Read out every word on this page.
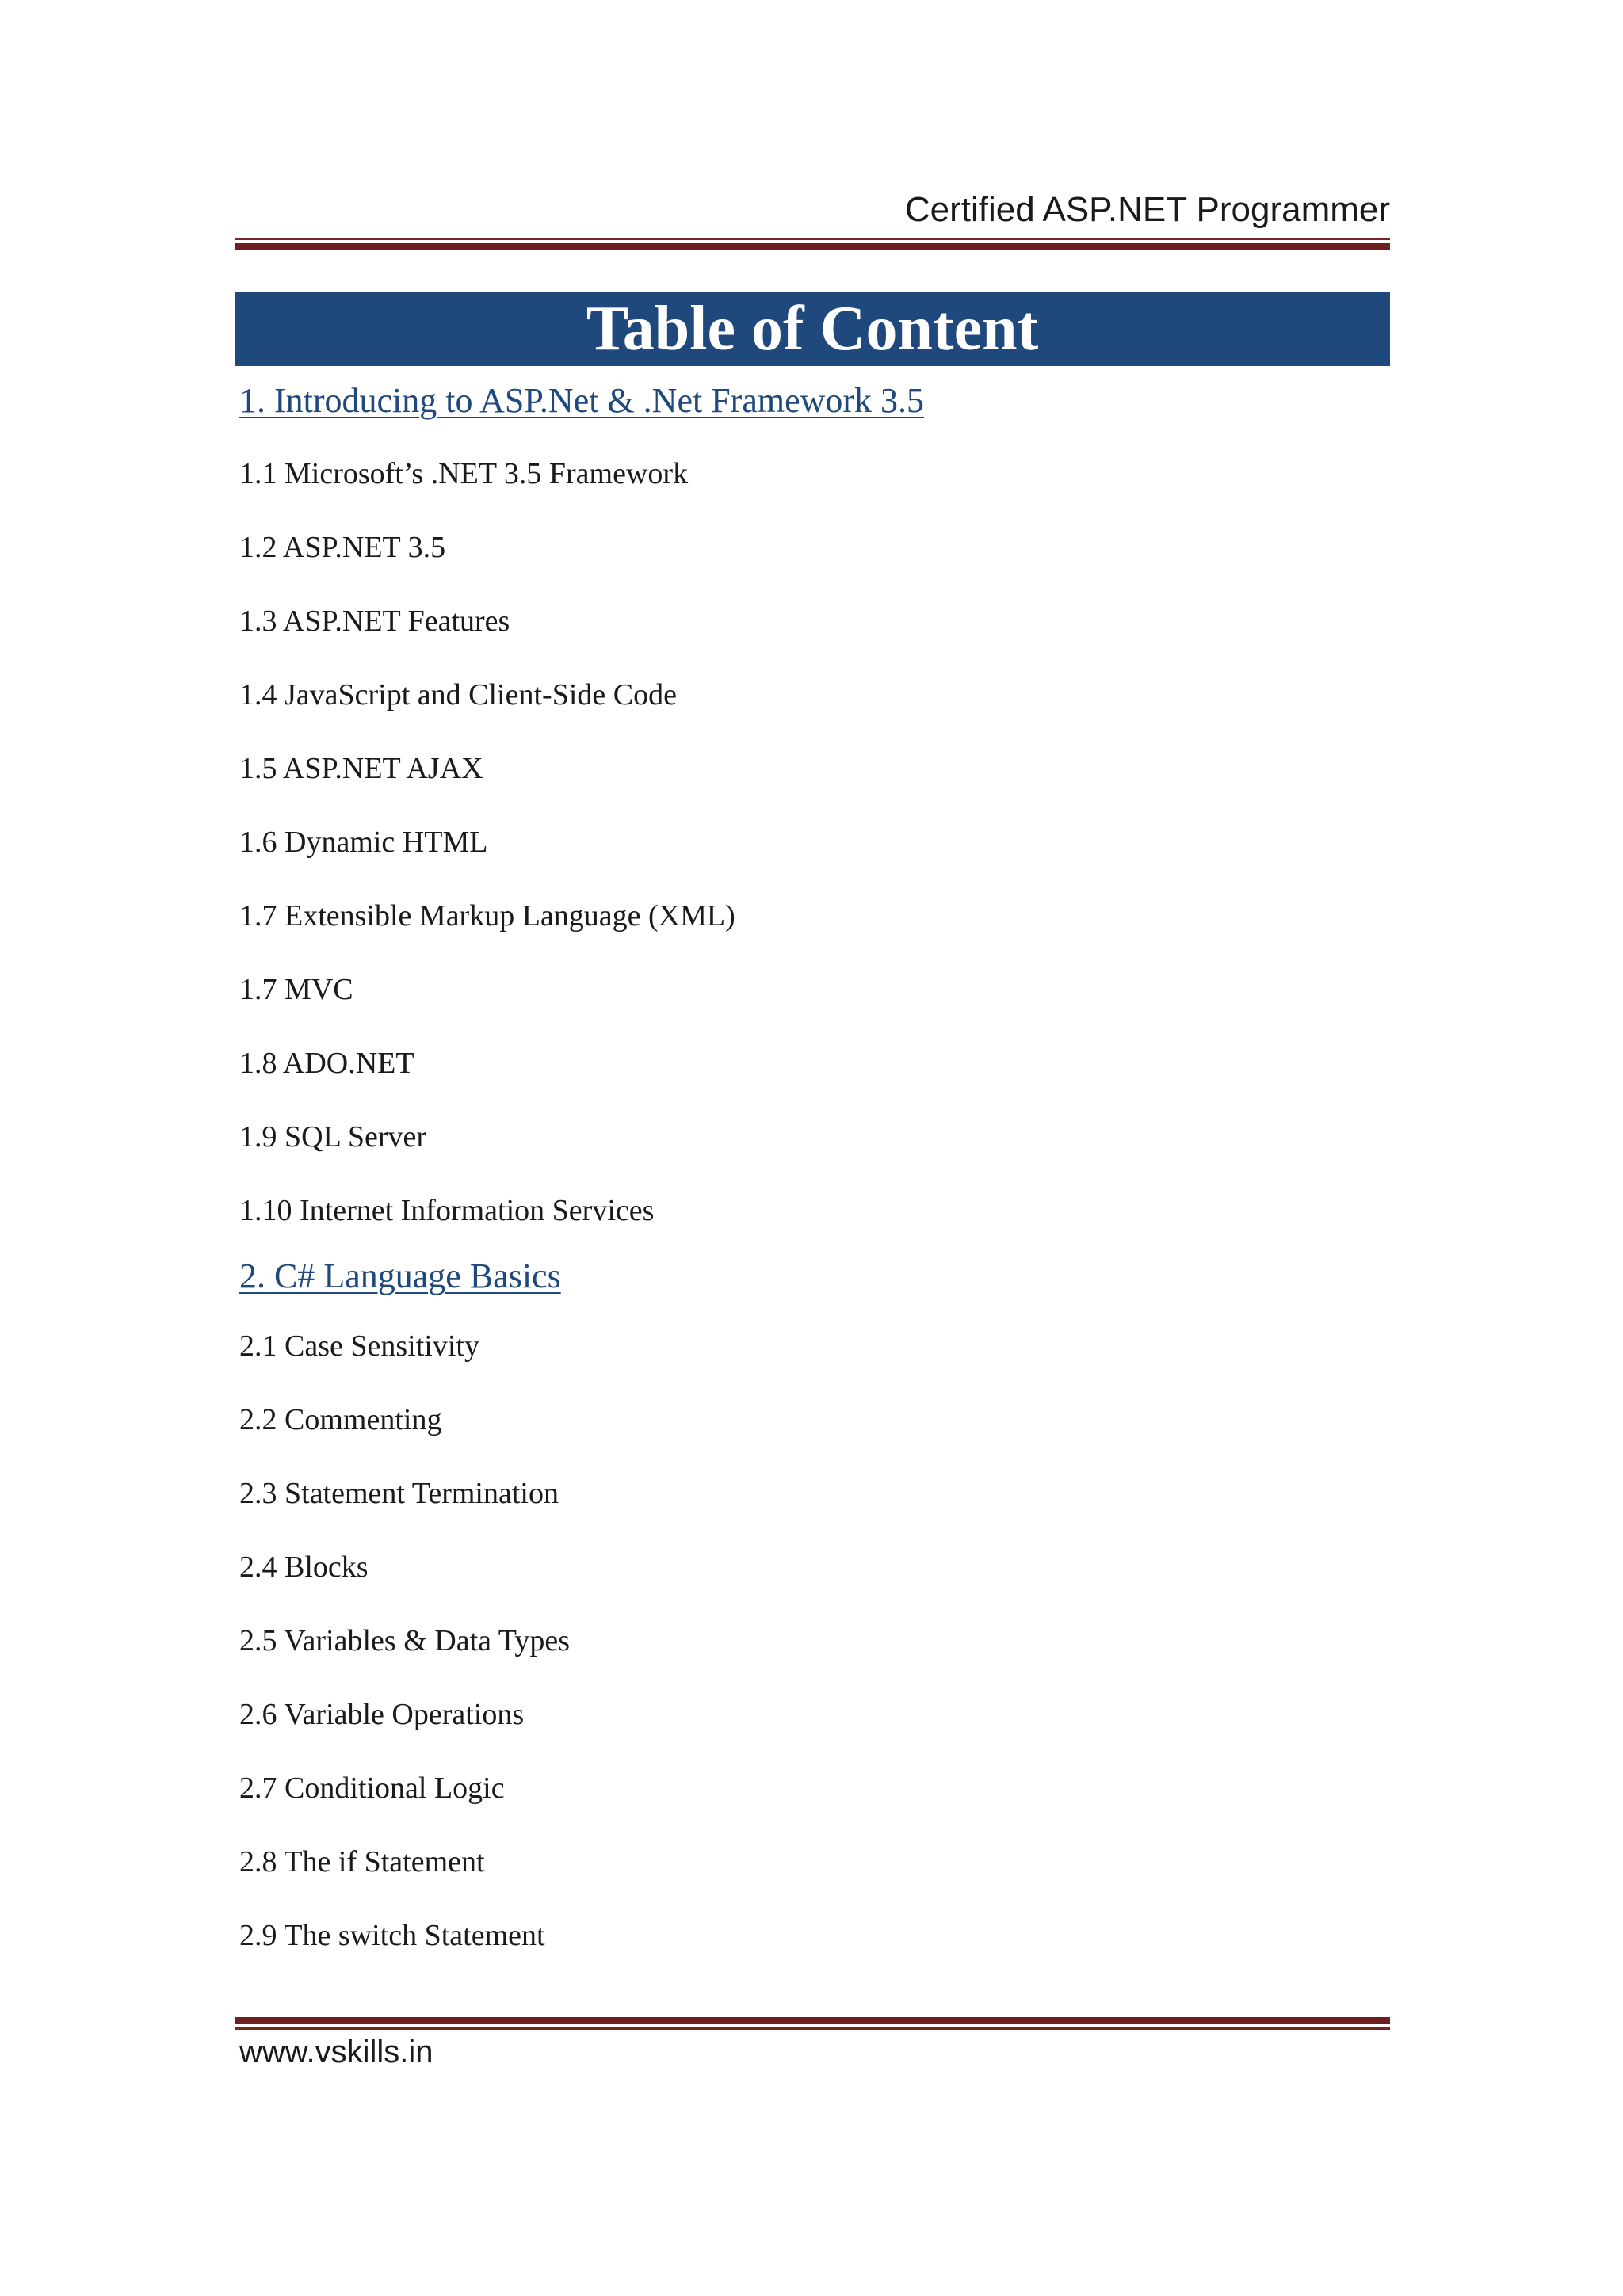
Certified ASP.NET Programmer
Table of Content
1. Introducing to ASP.Net & .Net Framework 3.5
1.1 Microsoft’s .NET 3.5 Framework
1.2 ASP.NET 3.5
1.3 ASP.NET Features
1.4 JavaScript and Client-Side Code
1.5 ASP.NET AJAX
1.6 Dynamic HTML
1.7 Extensible Markup Language (XML)
1.7 MVC
1.8 ADO.NET
1.9 SQL Server
1.10 Internet Information Services
2. C# Language Basics
2.1 Case Sensitivity
2.2 Commenting
2.3 Statement Termination
2.4 Blocks
2.5 Variables & Data Types
2.6 Variable Operations
2.7 Conditional Logic
2.8 The if Statement
2.9 The switch Statement
www.vskills.in
